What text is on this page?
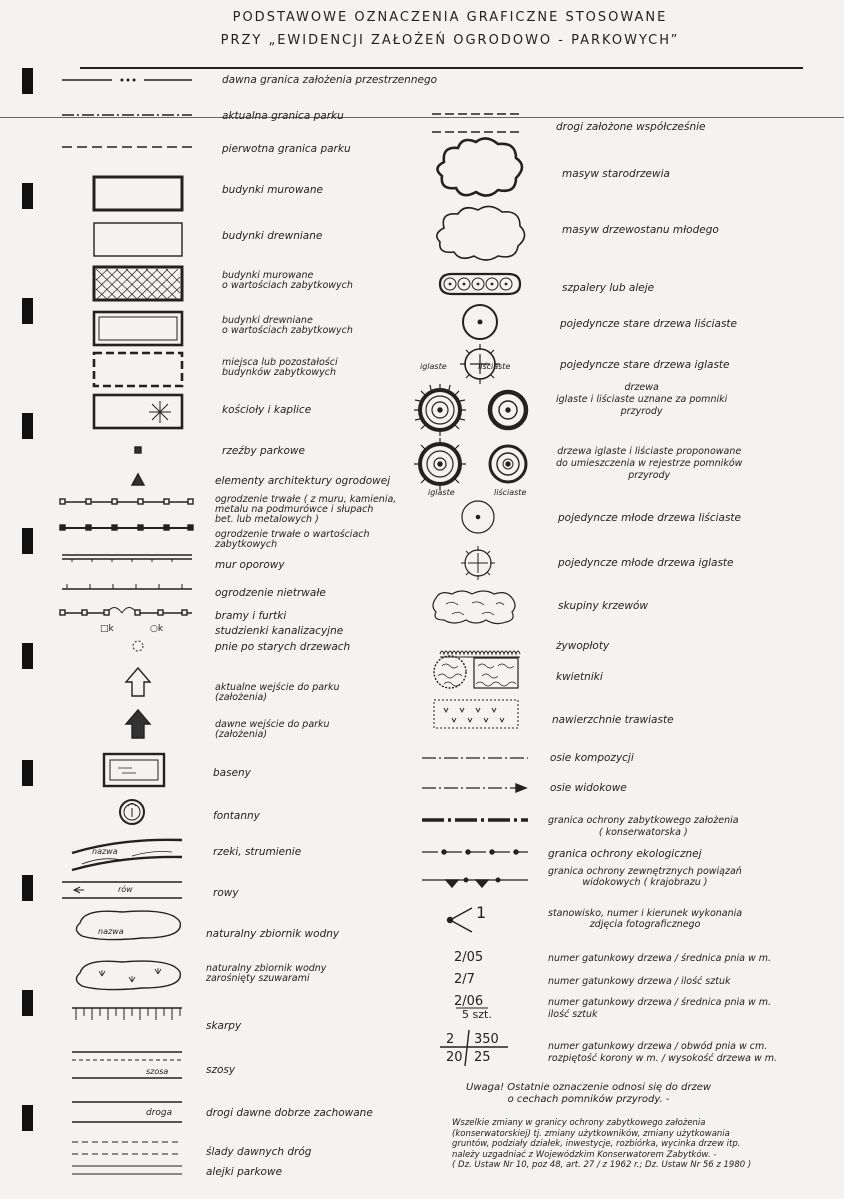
PODSTAWOWE OZNACZENIA GRAFICZNE STOSOWANE
PRZY „EWIDENCJI ZAŁOŻEŃ OGRODOWO - PARKOWYCH”
nazwa
rów
nazwa
szosa
droga
□k	○k
dawna granica założenia przestrzennego
aktualna granica parku
pierwotna granica parku
budynki murowane
budynki drewniane
budynki murowane
o wartościach zabytkowych
budynki drewniane
o wartościach zabytkowych
miejsca lub pozostałości
budynków zabytkowych
kościoły i kaplice
rzeźby parkowe
elementy architektury ogrodowej
ogrodzenie trwałe ( z muru, kamienia,
metalu na podmurówce i słupach
bet. lub metalowych )
ogrodzenie trwałe o wartościach
zabytkowych
mur oporowy
ogrodzenie nietrwałe
bramy i furtki
studzienki kanalizacyjne
pnie po starych drzewach
aktualne wejście do parku
(założenia)
dawne wejście do parku
(założenia)
baseny
fontanny
rzeki, strumienie
rowy
naturalny zbiornik wodny
naturalny zbiornik wodny
zarośnięty szuwarami
skarpy
szosy
drogi dawne dobrze zachowane
ślady dawnych dróg
alejki parkowe
iglaste	liściaste
iglaste	liściaste
1
2/05
2/7
2/06
5 szt.
2 350
20 25
drogi założone współcześnie
masyw starodrzewia
masyw drzewostanu młodego
szpalery lub aleje
pojedyncze stare drzewa liściaste
pojedyncze stare drzewa iglaste
drzewa
iglaste i liściaste uznane za pomniki
przyrody
drzewa iglaste i liściaste proponowane
do umieszczenia w rejestrze pomników
przyrody
pojedyncze młode drzewa liściaste
pojedyncze młode drzewa iglaste
skupiny krzewów
żywopłoty
kwietniki
nawierzchnie trawiaste
osie kompozycji
osie widokowe
granica ochrony zabytkowego założenia
( konserwatorska )
granica ochrony ekologicznej
granica ochrony zewnętrznych powiązań
widokowych ( krajobrazu )
stanowisko, numer i kierunek wykonania
zdjęcia fotograficznego
numer gatunkowy drzewa / średnica pnia w m.
numer gatunkowy drzewa / ilość sztuk
numer gatunkowy drzewa / średnica pnia w m.
ilość sztuk
numer gatunkowy drzewa / obwód pnia w cm.
rozpiętość korony w m. / wysokość drzewa w m.
Uwaga! Ostatnie oznaczenie odnosi się do drzew
o cechach pomników przyrody. -
Wszelkie zmiany w granicy ochrony zabytkowego założenia
(konserwatorskiej) tj. zmiany użytkowników, zmiany użytkowania
gruntów, podziały działek, inwestycje, rozbiórka, wycinka drzew itp.
należy uzgadniać z Wojewódzkim Konserwatorem Zabytków. -
( Dz. Ustaw Nr 10, poz 48, art. 27 / z 1962 r.; Dz. Ustaw Nr 56 z 1980 )
